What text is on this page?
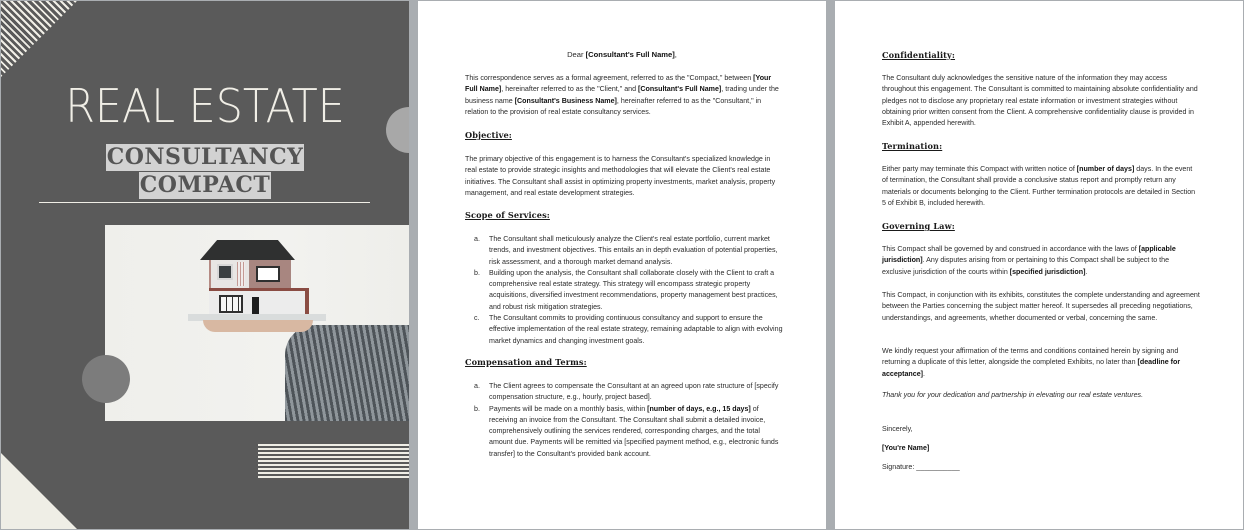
REAL ESTATE
CONSULTANCY
COMPACT
Dear [Consultant's Full Name],
This correspondence serves as a formal agreement, referred to as the "Compact," between [Your Full Name], hereinafter referred to as the "Client," and [Consultant's Full Name], trading under the business name [Consultant's Business Name], hereinafter referred to as the "Consultant," in relation to the provision of real estate consultancy services.
Objective:
The primary objective of this engagement is to harness the Consultant's specialized knowledge in real estate to provide strategic insights and methodologies that will elevate the Client's real estate initiatives. The Consultant shall assist in optimizing property investments, market analysis, property management, and real estate development strategies.
Scope of Services:
a. The Consultant shall meticulously analyze the Client's real estate portfolio, current market trends, and investment objectives. This entails an in depth evaluation of potential properties, risk assessment, and a thorough market demand analysis.
b. Building upon the analysis, the Consultant shall collaborate closely with the Client to craft a comprehensive real estate strategy. This strategy will encompass strategic property acquisitions, diversified investment recommendations, property management best practices, and robust risk mitigation strategies.
c. The Consultant commits to providing continuous consultancy and support to ensure the effective implementation of the real estate strategy, remaining adaptable to align with evolving market dynamics and changing investment goals.
Compensation and Terms:
a. The Client agrees to compensate the Consultant at an agreed upon rate structure of [specify compensation structure, e.g., hourly, project based].
b. Payments will be made on a monthly basis, within [number of days, e.g., 15 days] of receiving an invoice from the Consultant. The Consultant shall submit a detailed invoice, comprehensively outlining the services rendered, corresponding charges, and the total amount due. Payments will be remitted via [specified payment method, e.g., electronic funds transfer] to the Consultant's provided bank account.
Confidentiality:
The Consultant duly acknowledges the sensitive nature of the information they may access throughout this engagement. The Consultant is committed to maintaining absolute confidentiality and pledges not to disclose any proprietary real estate information or investment strategies without obtaining prior written consent from the Client. A comprehensive confidentiality clause is provided in Exhibit A, appended herewith.
Termination:
Either party may terminate this Compact with written notice of [number of days] days. In the event of termination, the Consultant shall provide a conclusive status report and promptly return any materials or documents belonging to the Client. Further termination protocols are detailed in Section 5 of Exhibit B, included herewith.
Governing Law:
This Compact shall be governed by and construed in accordance with the laws of [applicable jurisdiction]. Any disputes arising from or pertaining to this Compact shall be subject to the exclusive jurisdiction of the courts within [specified jurisdiction].
This Compact, in conjunction with its exhibits, constitutes the complete understanding and agreement between the Parties concerning the subject matter hereof. It supersedes all preceding negotiations, understandings, and agreements, whether documented or verbal, concerning the same.
We kindly request your affirmation of the terms and conditions contained herein by signing and returning a duplicate of this letter, alongside the completed Exhibits, no later than [deadline for acceptance].
Thank you for your dedication and partnership in elevating our real estate ventures.
Sincerely,
[You're Name]
Signature: ___________
